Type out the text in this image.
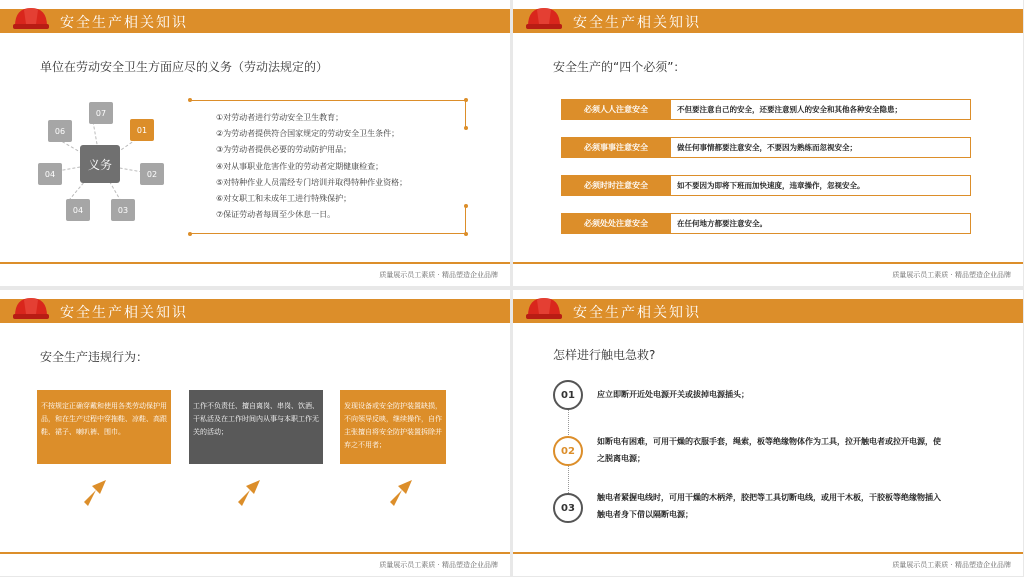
安全生产相关知识
单位在劳动安全卫生方面应尽的义务（劳动法规定的）
义务
07
06	01
04	02
04	03
①对劳动者进行劳动安全卫生教育；
②为劳动者提供符合国家规定的劳动安全卫生条件；
③为劳动者提供必要的劳动防护用品；
④对从事职业危害作业的劳动者定期健康检查；
⑤对特种作业人员需经专门培训并取得特种作业资格；
⑥对女职工和未成年工进行特殊保护；
⑦保证劳动者每周至少休息一日。
质量展示员工素质 · 精品塑造企业品牌
安全生产相关知识
安全生产的“四个必须”：
必须人人注意安全	不但要注意自己的安全，还要注意别人的安全和其他各种安全隐患；
必须事事注意安全	做任何事情都要注意安全，不要因为熟练而忽视安全；
必须时时注意安全	如不要因为即将下班而加快速度，违章操作，忽视安全。
必须处处注意安全	在任何地方都要注意安全。
质量展示员工素质 · 精品塑造企业品牌
安全生产相关知识
安全生产违规行为：
不按规定正确穿戴和使用各类劳动保护用品，和在生产过程中穿拖鞋、凉鞋、高跟鞋、裙子、喇叭裤、围巾。
工作不负责任、擅自离岗、串岗、饮酒、干私活及在工作时间内从事与本职工作无关的活动；
发现设备或安全防护装置缺损，不向领导反映，继续操作，自作主张擅自将安全防护装置拆除并弃之不用者；
A	B	C
质量展示员工素质 · 精品塑造企业品牌
安全生产相关知识
怎样进行触电急救?
01
02
03
应立即断开近处电源开关或拔掉电源插头；
如断电有困难，可用干燥的衣服手套，绳索，板等绝缘物体作为工具，拉开触电者或拉开电源，使之脱离电源；
触电者紧握电线时，可用干燥的木柄斧，胶把等工具切断电线，或用干木板，干胶板等绝缘物插入触电者身下借以隔断电源；
质量展示员工素质 · 精品塑造企业品牌
